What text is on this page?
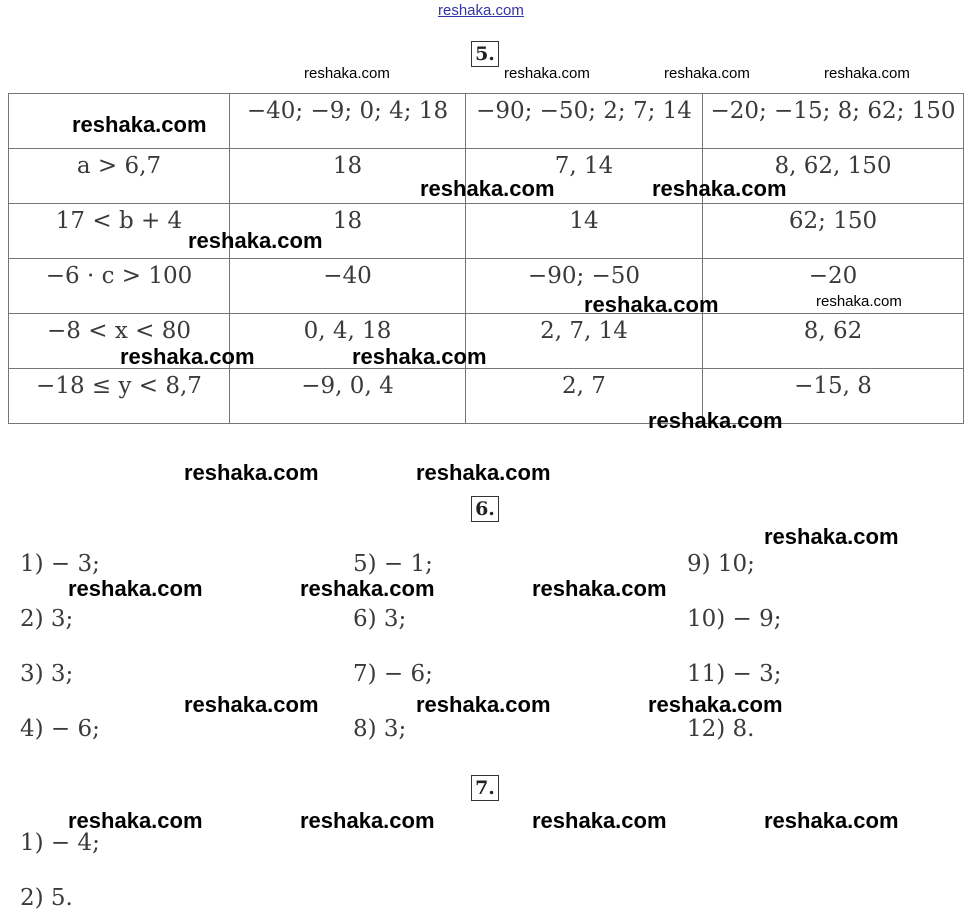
reshaka.com
5.
reshaka.com	reshaka.com	reshaka.com	reshaka.com
	−40; −9; 0; 4; 18	−90; −50; 2; 7; 14	−20; −15; 8; 62; 150
a > 6,7	18	7, 14	8, 62, 150
17 < b + 4	18	14	62; 150
−6 · c > 100	−40	−90; −50	−20
−8 < x < 80	0, 4, 18	2, 7, 14	8, 62
−18 ≤ y < 8,7	−9, 0, 4	2, 7	−15, 8
reshaka.com
reshaka.com	reshaka.com
reshaka.com
reshaka.com	reshaka.com
reshaka.com	reshaka.com
reshaka.com
reshaka.com	reshaka.com
6.
reshaka.com
1) − 3;
2) 3;
3) 3;
4) − 6;
5) − 1;
6) 3;
7) − 6;
8) 3;
9) 10;
10) − 9;
11) − 3;
12) 8.
reshaka.com	reshaka.com	reshaka.com
reshaka.com	reshaka.com	reshaka.com
7.
reshaka.com	reshaka.com	reshaka.com	reshaka.com
1) − 4;
2) 5.
